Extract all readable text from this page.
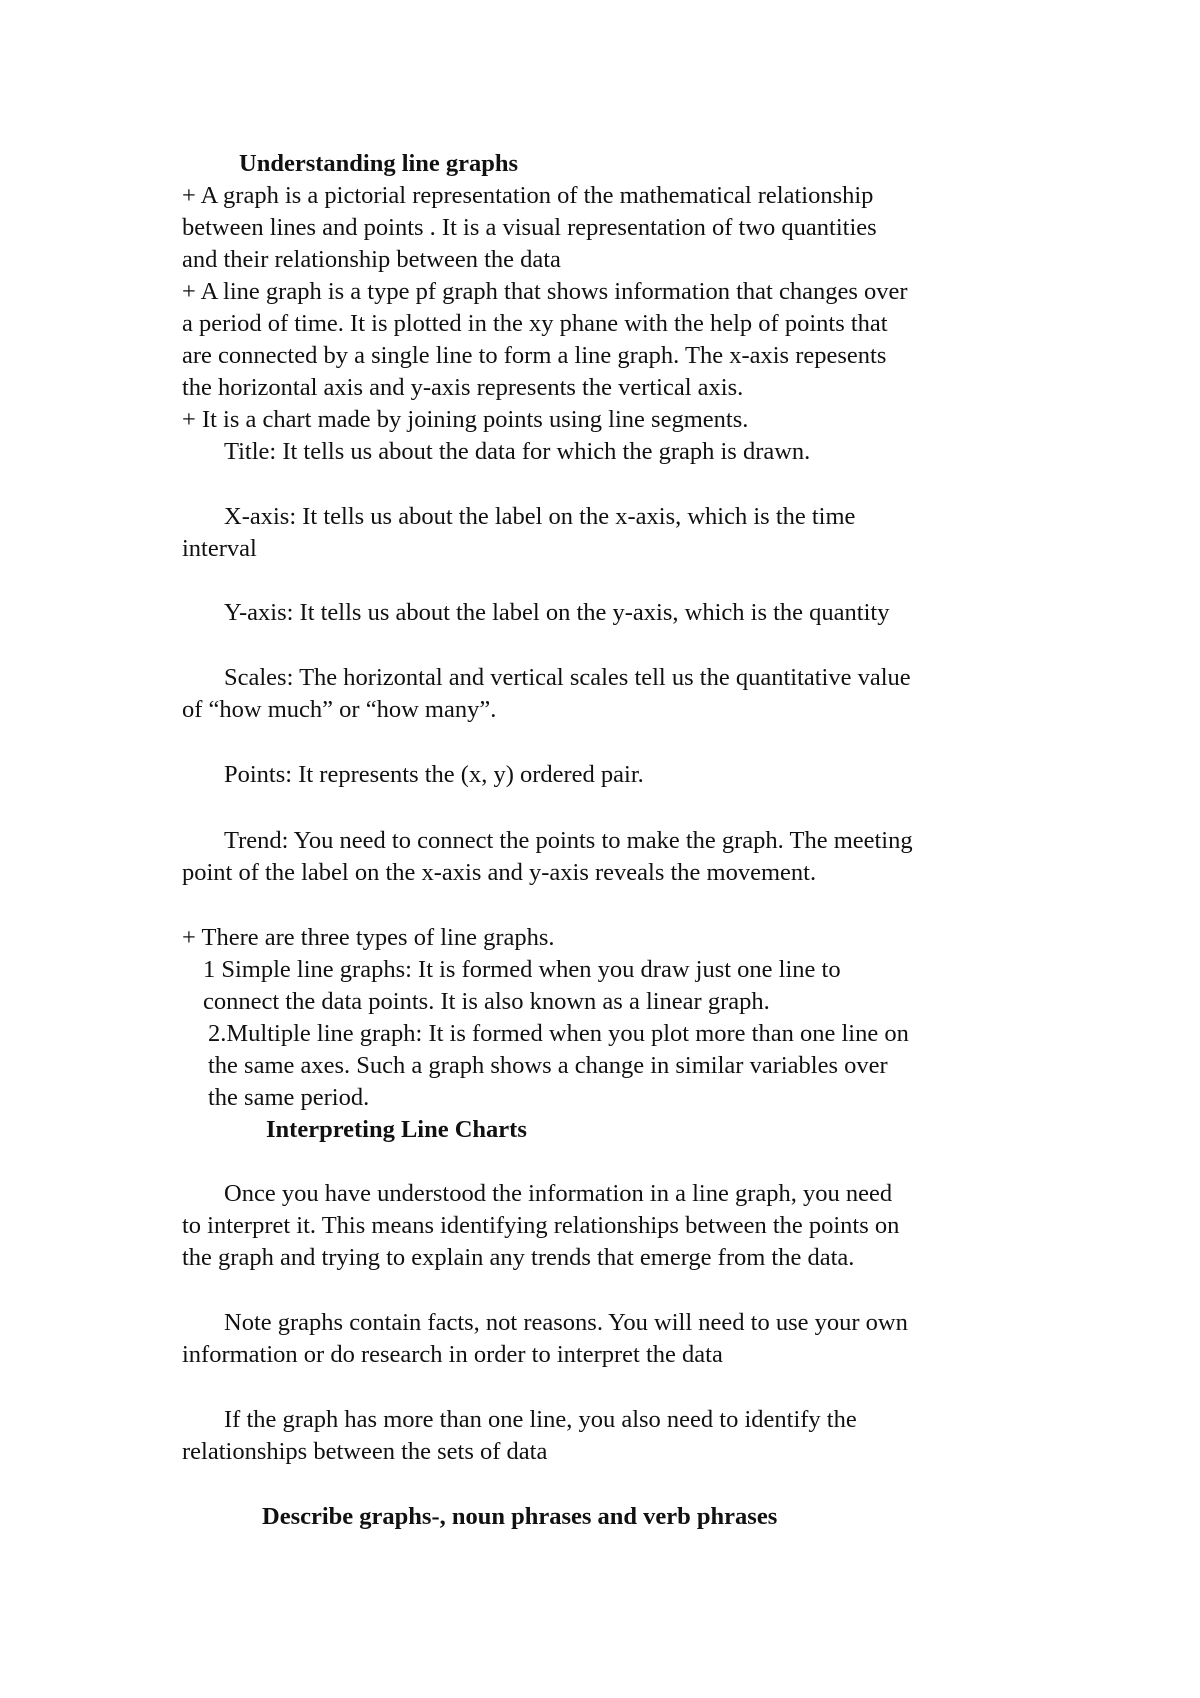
Understanding line graphs

+ A graph is a pictorial representation of the mathematical relationship

between lines and points . It is a visual representation of two quantities

and their relationship between the data

+ A line graph is a type pf graph that shows information that changes over

a period of time. It is plotted in the xy phane with the help of points that

are connected by a single line to form a line graph. The x-axis repesents

the horizontal axis and y-axis represents the vertical axis.

+ It is a chart made by joining points using line segments.

Title: It tells us about the data for which the graph is drawn.

X-axis: It tells us about the label on the x-axis, which is the time

interval

Y-axis: It tells us about the label on the y-axis, which is the quantity

Scales: The horizontal and vertical scales tell us the quantitative value

of “how much” or “how many”.

Points: It represents the (x, y) ordered pair.

Trend: You need to connect the points to make the graph. The meeting

point of the label on the x-axis and y-axis reveals the movement.

+ There are three types of line graphs.

1 Simple line graphs: It is formed when you draw just one line to

connect the data points. It is also known as a linear graph.

2.Multiple line graph: It is formed when you plot more than one line on

the same axes. Such a graph shows a change in similar variables over

the same period.

Interpreting Line Charts

Once you have understood the information in a line graph, you need

to interpret it. This means identifying relationships between the points on

the graph and trying to explain any trends that emerge from the data.

Note graphs contain facts, not reasons. You will need to use your own

information or do research in order to interpret the data

If the graph has more than one line, you also need to identify the

relationships between the sets of data

Describe graphs-, noun phrases and verb phrases
